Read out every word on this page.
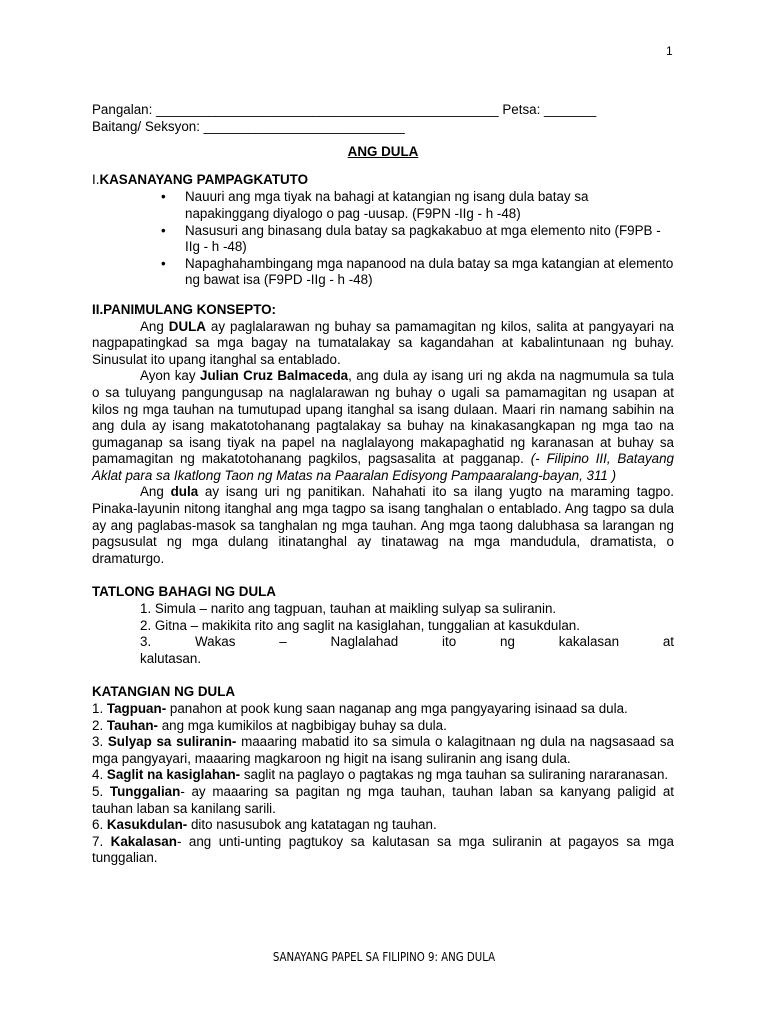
1
Pangalan: ______________________________________________ Petsa: _______
Baitang/ Seksyon: ___________________________
ANG DULA
I.KASANAYANG PAMPAGKATUTO
• Nauuri ang mga tiyak na bahagi at katangian ng isang dula batay sa napakinggang diyalogo o pag -uusap. (F9PN -IIg - h -48)
• Nasusuri ang binasang dula batay sa pagkakabuo at mga elemento nito (F9PB -IIg - h -48)
• Napaghahambingang mga napanood na dula batay sa mga katangian at elemento ng bawat isa (F9PD -IIg - h -48)
II.PANIMULANG KONSEPTO:

Ang DULA ay paglalarawan ng buhay sa pamamagitan ng kilos, salita at pangyayari na nagpapatingkad sa mga bagay na tumatalakay sa kagandahan at kabalintunaan ng buhay. Sinusulat ito upang itanghal sa entablado.

Ayon kay Julian Cruz Balmaceda, ang dula ay isang uri ng akda na nagmumula sa tula o sa tuluyang pangungusap na naglalarawan ng buhay o ugali sa pamamagitan ng usapan at kilos ng mga tauhan na tumutupad upang itanghal sa isang dulaan. Maari rin namang sabihin na ang dula ay isang makatotohanang pagtalakay sa buhay na kinakasangkapan ng mga tao na gumaganap sa isang tiyak na papel na naglalayong makapaghatid ng karanasan at buhay sa pamamagitan ng makatotohanang pagkilos, pagsasalita at pagganap. (- Filipino III, Batayang Aklat para sa Ikatlong Taon ng Matas na Paaralan Edisyong Pampaaralang-bayan, 311 )

Ang dula ay isang uri ng panitikan. Nahahati ito sa ilang yugto na maraming tagpo. Pinaka-layunin nitong itanghal ang mga tagpo sa isang tanghalan o entablado. Ang tagpo sa dula ay ang paglabas-masok sa tanghalan ng mga tauhan. Ang mga taong dalubhasa sa larangan ng pagsusulat ng mga dulang itinatanghal ay tinatawag na mga mandudula, dramatista, o dramaturgo.

TATLONG BAHAGI NG DULA
1. Simula – narito ang tagpuan, tauhan at maikling sulyap sa suliranin.
2. Gitna – makikita rito ang saglit na kasiglahan, tunggalian at kasukdulan.
3. Wakas – Naglalahad ito ng kakalasan at kalutasan.
KATANGIAN NG DULA

1. Tagpuan- panahon at pook kung saan naganap ang mga pangyayaring isinaad sa dula.

2. Tauhan- ang mga kumikilos at nagbibigay buhay sa dula.

3. Sulyap sa suliranin- maaaring mabatid ito sa simula o kalagitnaan ng dula na nagsasaad sa mga pangyayari, maaaring magkaroon ng higit na isang suliranin ang isang dula.

4. Saglit na kasiglahan- saglit na paglayo o pagtakas ng mga tauhan sa suliraning nararanasan.

5. Tunggalian- ay maaaring sa pagitan ng mga tauhan, tauhan laban sa kanyang paligid at tauhan laban sa kanilang sarili.

6. Kasukdulan- dito nasusubok ang katatagan ng tauhan.

7. Kakalasan- ang unti-unting pagtukoy sa kalutasan sa mga suliranin at pagayos sa mga tunggalian.

SANAYANG PAPEL SA FILIPINO 9: ANG DULA
